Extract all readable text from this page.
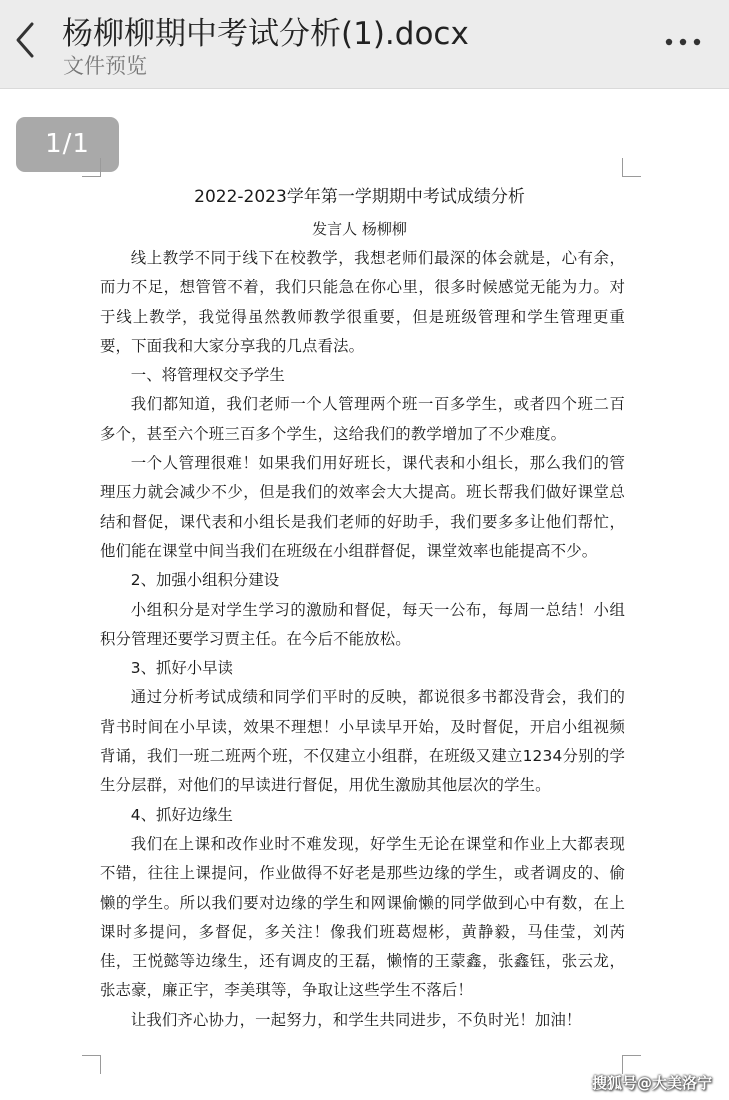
杨柳柳期中考试分析(1).docx
文件预览
1/1
2022-2023学年第一学期期中考试成绩分析
发言人 杨柳柳

线上教学不同于线下在校教学，我想老师们最深的体会就是，心有余，而力不足，想管管不着，我们只能急在你心里，很多时候感觉无能为力。对于线上教学，我觉得虽然教师教学很重要，但是班级管理和学生管理更重要，下面我和大家分享我的几点看法。

一、将管理权交予学生

我们都知道，我们老师一个人管理两个班一百多学生，或者四个班二百多个，甚至六个班三百多个学生，这给我们的教学增加了不少难度。

一个人管理很难！如果我们用好班长，课代表和小组长，那么我们的管理压力就会减少不少，但是我们的效率会大大提高。班长帮我们做好课堂总结和督促，课代表和小组长是我们老师的好助手，我们要多多让他们帮忙，他们能在课堂中间当我们在班级在小组群督促，课堂效率也能提高不少。

2、加强小组积分建设

小组积分是对学生学习的激励和督促，每天一公布，每周一总结！小组积分管理还要学习贾主任。在今后不能放松。

3、抓好小早读

通过分析考试成绩和同学们平时的反映，都说很多书都没背会，我们的背书时间在小早读，效果不理想！小早读早开始，及时督促，开启小组视频背诵，我们一班二班两个班，不仅建立小组群，在班级又建立1234分别的学生分层群，对他们的早读进行督促，用优生激励其他层次的学生。

4、抓好边缘生

我们在上课和改作业时不难发现，好学生无论在课堂和作业上大都表现不错，往往上课提问，作业做得不好老是那些边缘的学生，或者调皮的、偷懒的学生。所以我们要对边缘的学生和网课偷懒的同学做到心中有数，在上课时多提问，多督促，多关注！像我们班葛煜彬，黄静毅，马佳莹，刘芮佳，王悦懿等边缘生，还有调皮的王磊，懒惰的王蒙鑫，张鑫钰，张云龙，张志豪，廉正宇，李美琪等，争取让这些学生不落后！

让我们齐心协力，一起努力，和学生共同进步，不负时光！加油！

搜狐号@大美洛宁
